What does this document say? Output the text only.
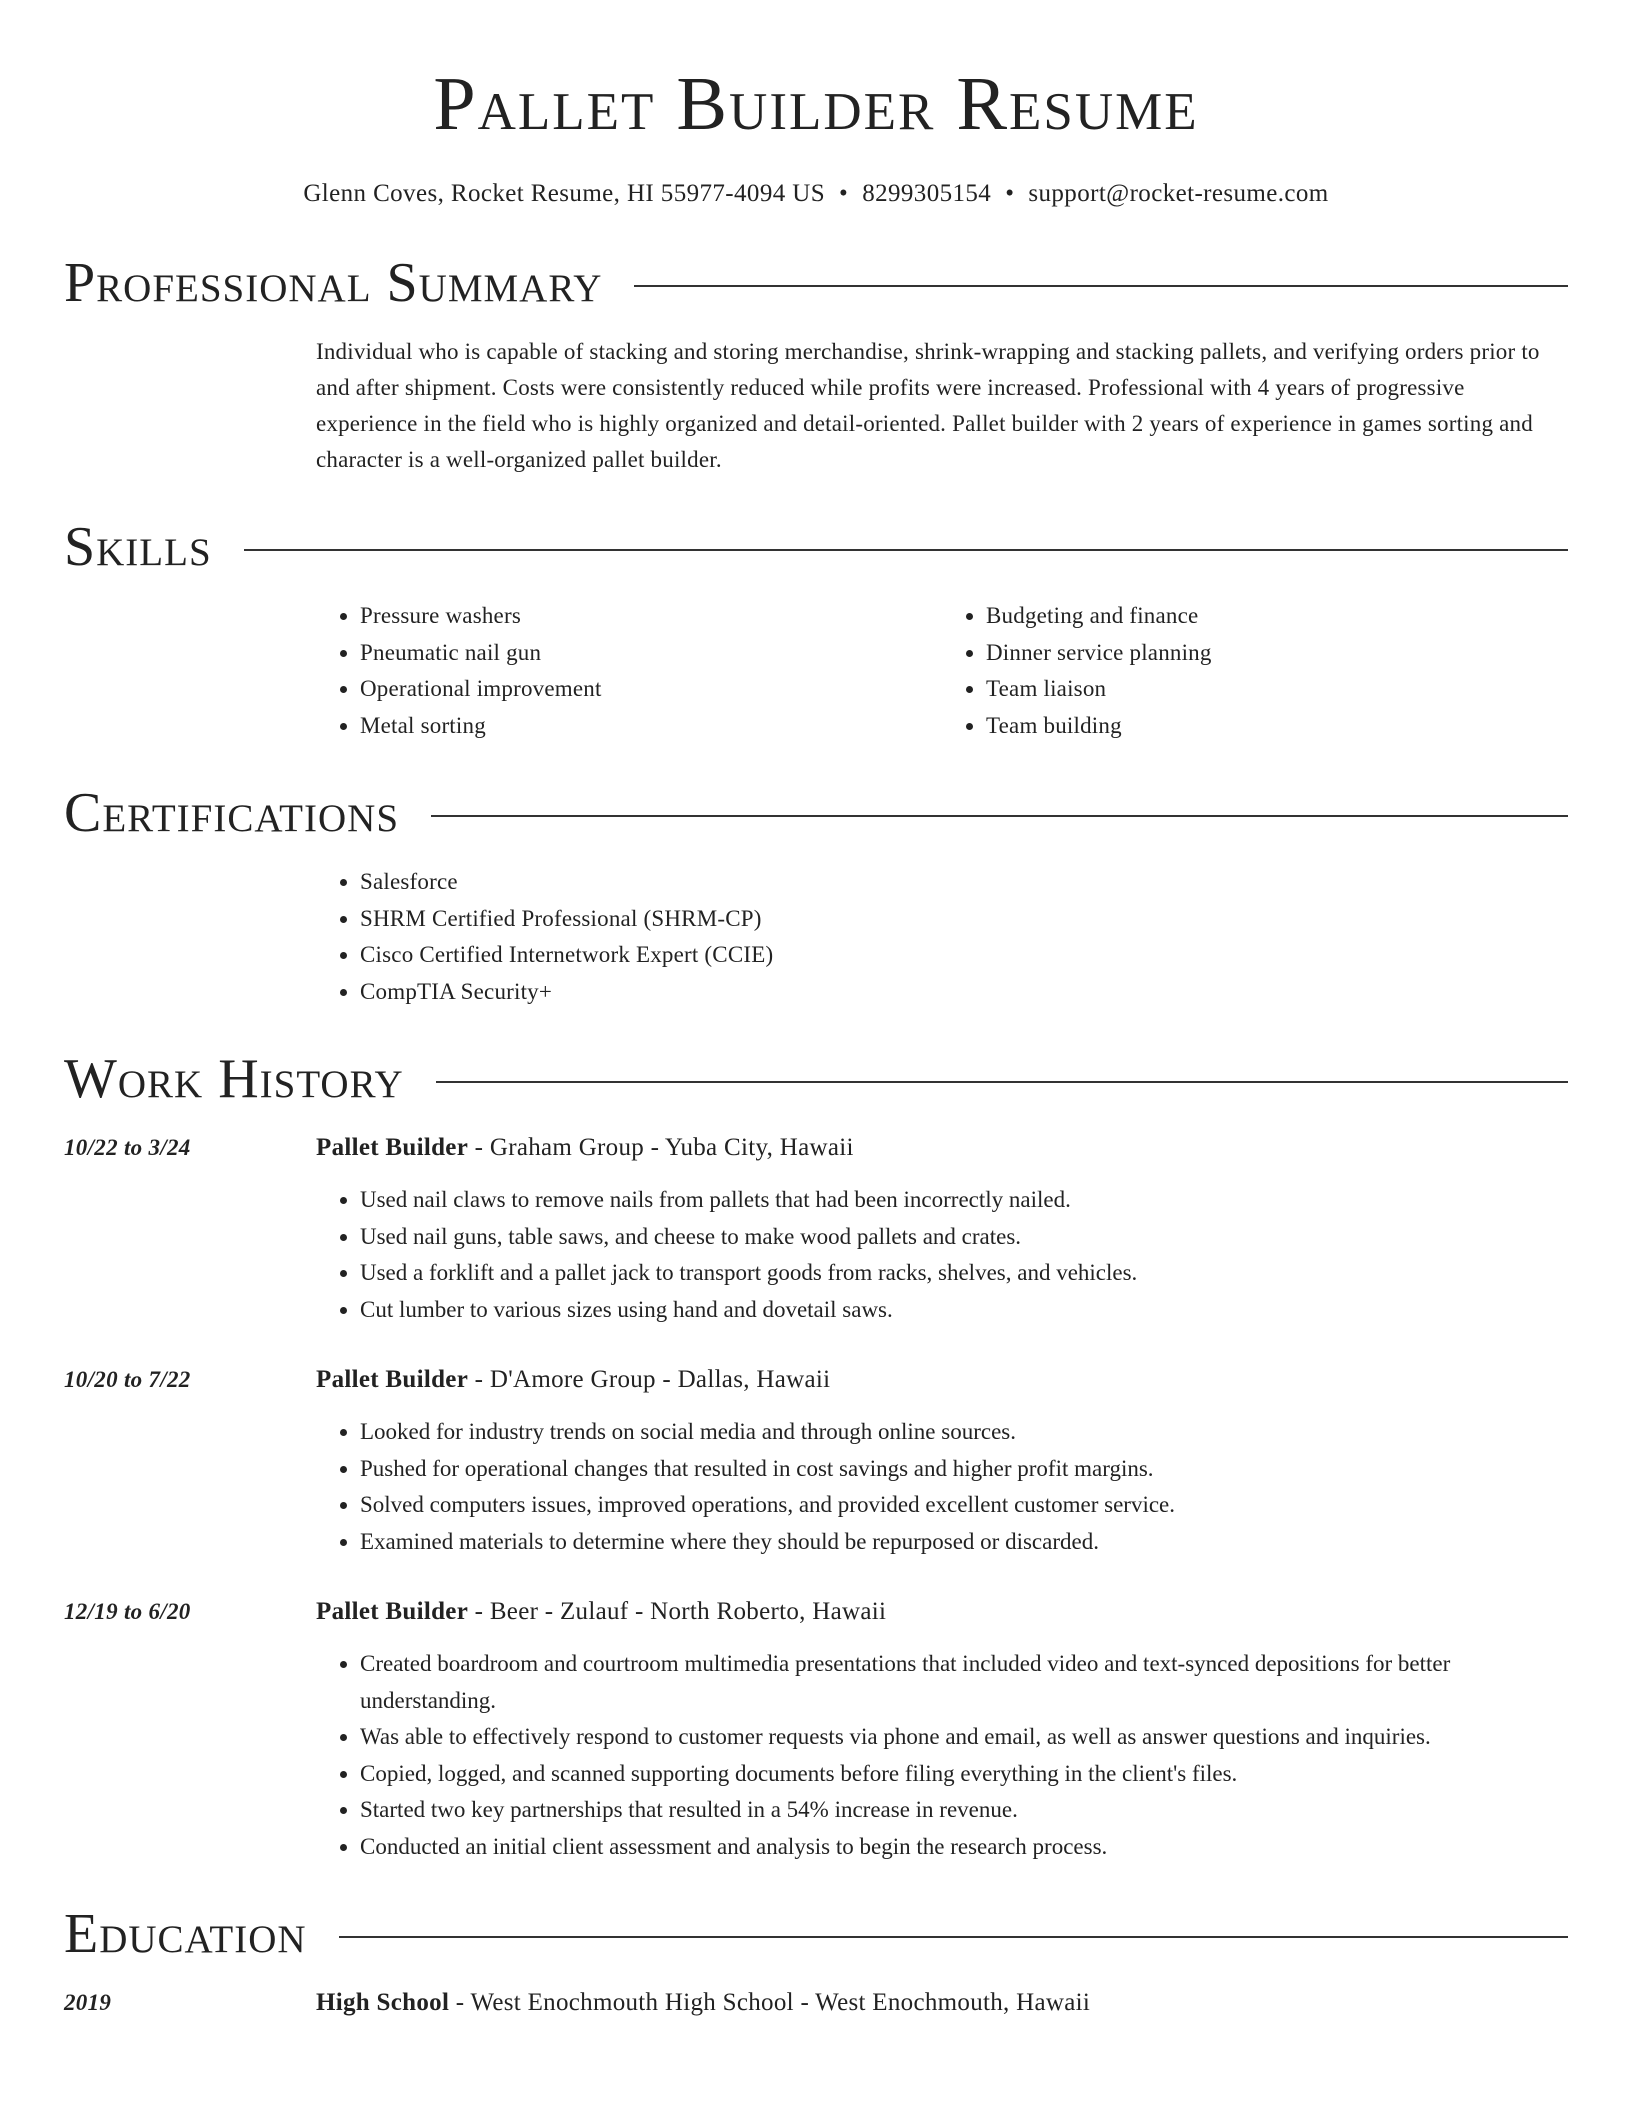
Pallet Builder Resume
Glenn Coves, Rocket Resume, HI 55977-4094 US • 8299305154 • support@rocket-resume.com
Professional Summary
Individual who is capable of stacking and storing merchandise, shrink-wrapping and stacking pallets, and verifying orders prior to and after shipment. Costs were consistently reduced while profits were increased. Professional with 4 years of progressive experience in the field who is highly organized and detail-oriented. Pallet builder with 2 years of experience in games sorting and character is a well-organized pallet builder.
Skills
• Pressure washers
• Pneumatic nail gun
• Operational improvement
• Metal sorting
• Budgeting and finance
• Dinner service planning
• Team liaison
• Team building
Certifications
• Salesforce
• SHRM Certified Professional (SHRM-CP)
• Cisco Certified Internetwork Expert (CCIE)
• CompTIA Security+
Work History
10/22 to 3/24	Pallet Builder - Graham Group - Yuba City, Hawaii
• Used nail claws to remove nails from pallets that had been incorrectly nailed.
• Used nail guns, table saws, and cheese to make wood pallets and crates.
• Used a forklift and a pallet jack to transport goods from racks, shelves, and vehicles.
• Cut lumber to various sizes using hand and dovetail saws.
10/20 to 7/22	Pallet Builder - D'Amore Group - Dallas, Hawaii
• Looked for industry trends on social media and through online sources.
• Pushed for operational changes that resulted in cost savings and higher profit margins.
• Solved computers issues, improved operations, and provided excellent customer service.
• Examined materials to determine where they should be repurposed or discarded.
12/19 to 6/20	Pallet Builder - Beer - Zulauf - North Roberto, Hawaii
• Created boardroom and courtroom multimedia presentations that included video and text-synced depositions for better understanding.
• Was able to effectively respond to customer requests via phone and email, as well as answer questions and inquiries.
• Copied, logged, and scanned supporting documents before filing everything in the client's files.
• Started two key partnerships that resulted in a 54% increase in revenue.
• Conducted an initial client assessment and analysis to begin the research process.
Education
2019	High School - West Enochmouth High School - West Enochmouth, Hawaii
